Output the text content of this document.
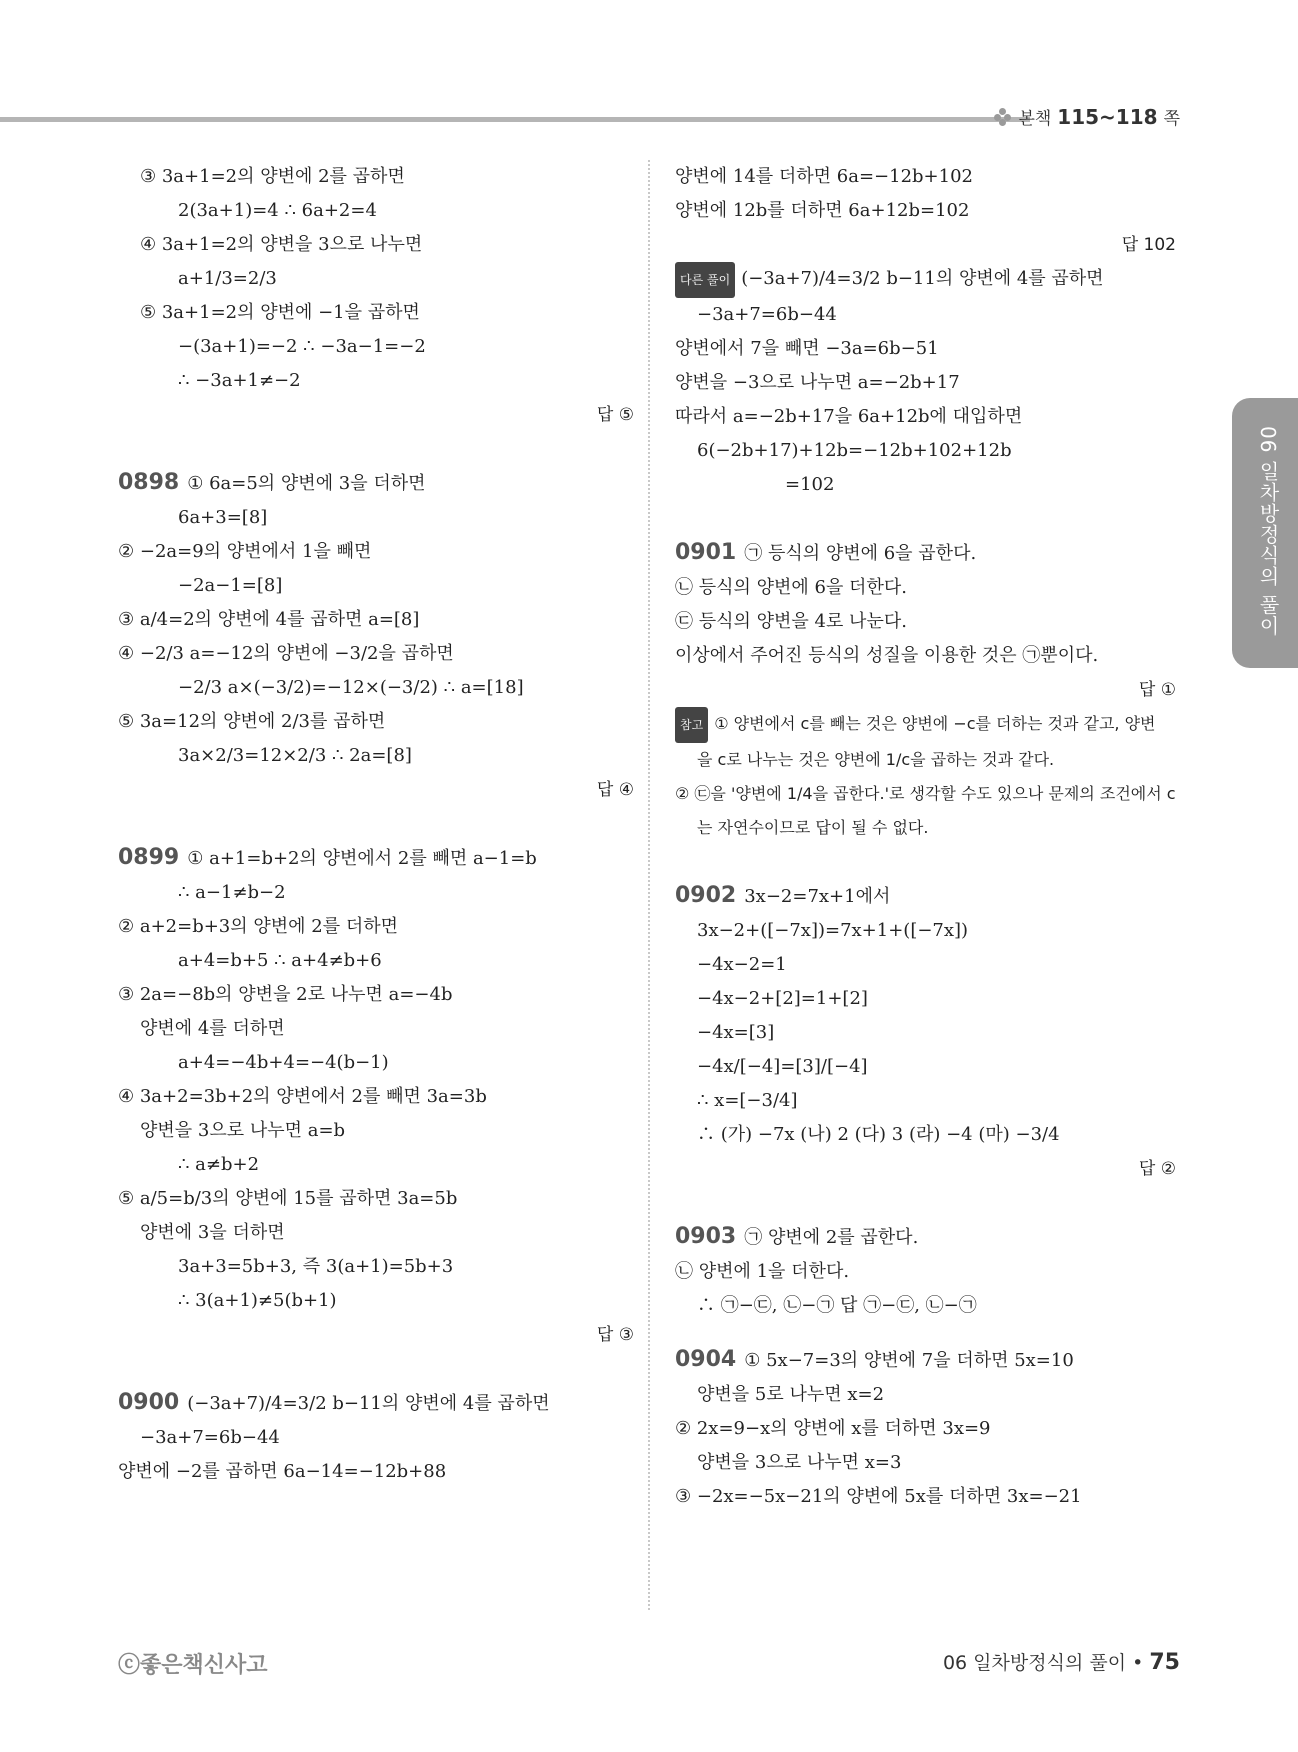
본책 115~118 쪽
06 일차방정식의 풀이
③ 3a+1=2의 양변에 2를 곱하면
2(3a+1)=4 ∴ 6a+2=4
④ 3a+1=2의 양변을 3으로 나누면
a+1/3=2/3
⑤ 3a+1=2의 양변에 −1을 곱하면
−(3a+1)=−2 ∴ −3a−1=−2
∴ −3a+1≠−2
답 ⑤
0898 ① 6a=5의 양변에 3을 더하면
6a+3=[8]
② −2a=9의 양변에서 1을 빼면
−2a−1=[8]
③ a/4=2의 양변에 4를 곱하면 a=[8]
④ −2/3 a=−12의 양변에 −3/2을 곱하면
−2/3 a×(−3/2)=−12×(−3/2) ∴ a=[18]
⑤ 3a=12의 양변에 2/3를 곱하면
3a×2/3=12×2/3 ∴ 2a=[8]
답 ④
0899 ① a+1=b+2의 양변에서 2를 빼면 a−1=b
∴ a−1≠b−2
② a+2=b+3의 양변에 2를 더하면
a+4=b+5 ∴ a+4≠b+6
③ 2a=−8b의 양변을 2로 나누면 a=−4b
양변에 4를 더하면
a+4=−4b+4=−4(b−1)
④ 3a+2=3b+2의 양변에서 2를 빼면 3a=3b
양변을 3으로 나누면 a=b
∴ a≠b+2
⑤ a/5=b/3의 양변에 15를 곱하면 3a=5b
양변에 3을 더하면
3a+3=5b+3, 즉 3(a+1)=5b+3
∴ 3(a+1)≠5(b+1)
답 ③
0900 (−3a+7)/4=3/2 b−11의 양변에 4를 곱하면
−3a+7=6b−44
양변에 −2를 곱하면 6a−14=−12b+88
양변에 14를 더하면 6a=−12b+102
양변에 12b를 더하면 6a+12b=102
답 102
다른 풀이 (−3a+7)/4=3/2 b−11의 양변에 4를 곱하면
−3a+7=6b−44
양변에서 7을 빼면 −3a=6b−51
양변을 −3으로 나누면 a=−2b+17
따라서 a=−2b+17을 6a+12b에 대입하면
6(−2b+17)+12b=−12b+102+12b
=102
0901 ㉠ 등식의 양변에 6을 곱한다.
㉡ 등식의 양변에 6을 더한다.
㉢ 등식의 양변을 4로 나눈다.
이상에서 주어진 등식의 성질을 이용한 것은 ㉠뿐이다.
답 ①
참고 ① 양변에서 c를 빼는 것은 양변에 −c를 더하는 것과 같고, 양변
을 c로 나누는 것은 양변에 1/c을 곱하는 것과 같다.
② ㉢을 '양변에 1/4을 곱한다.'로 생각할 수도 있으나 문제의 조건에서 c
는 자연수이므로 답이 될 수 없다.
0902 3x−2=7x+1에서
3x−2+([−7x])=7x+1+([−7x])
−4x−2=1
−4x−2+[2]=1+[2]
−4x=[3]
−4x/[−4]=[3]/[−4]
∴ x=[−3/4]
∴ (가) −7x (나) 2 (다) 3 (라) −4 (마) −3/4
답 ②
0903 ㉠ 양변에 2를 곱한다.
㉡ 양변에 1을 더한다.
∴ ㉠−㉢, ㉡−㉠ 답 ㉠−㉢, ㉡−㉠
0904 ① 5x−7=3의 양변에 7을 더하면 5x=10
양변을 5로 나누면 x=2
② 2x=9−x의 양변에 x를 더하면 3x=9
양변을 3으로 나누면 x=3
③ −2x=−5x−21의 양변에 5x를 더하면 3x=−21
ⓒ좋은책신사고	06 일차방정식의 풀이 • 75
